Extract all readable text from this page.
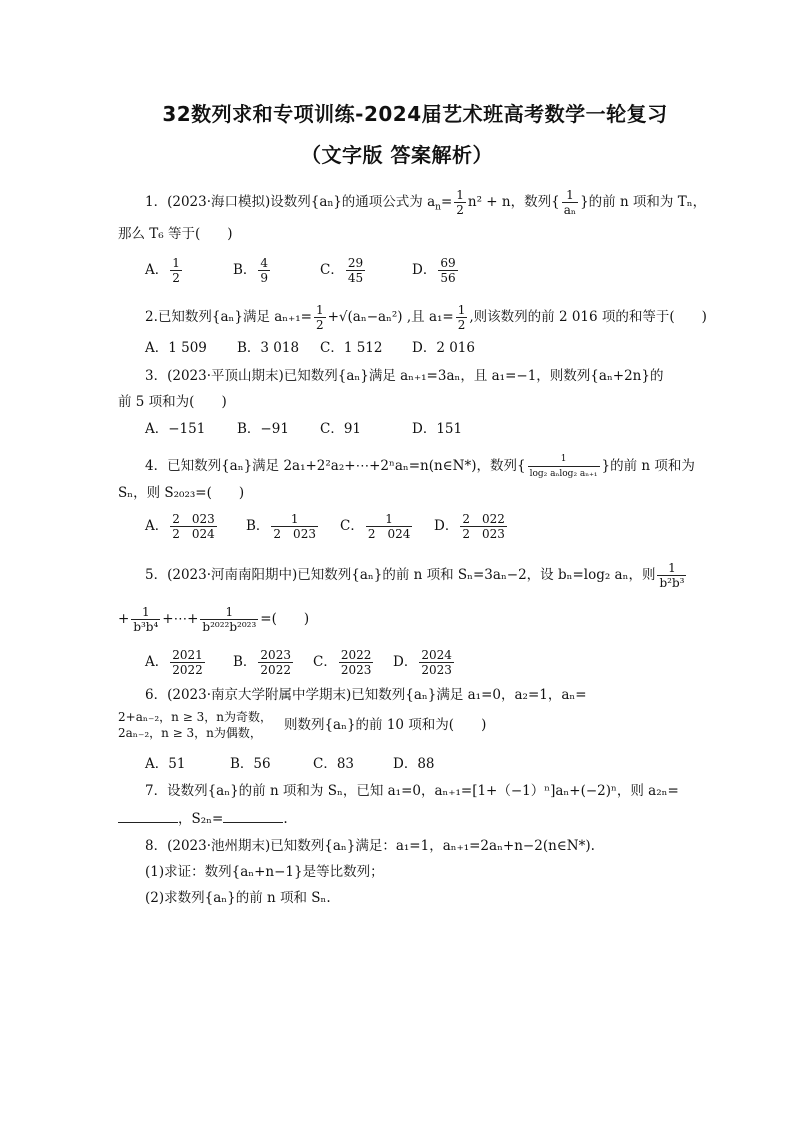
32数列求和专项训练-2024届艺术班高考数学一轮复习
（文字版 答案解析）
1．(2023·海口模拟)设数列{an}的通项公式为 $a_n= \frac{1}{2} n^2 + n$，数列{ $\frac{1}{\text{aₙ}}$ }的前 n 项和为 Tₙ，
那么 T₆ 等于(　　)
A． $\frac{1}{2}$	B． $\frac{4}{9}$	C． $\frac{29}{45}$	D． $\frac{69}{56}$
2.已知数列{aₙ}满足 $a_{n+1}= \frac{1}{2} +√(a_n-a_n^2)$ ,且 $a_1= \frac{1}{2}$ ,则该数列的前 2 016 项的和等于(　　)
A．1 509 B．3 018 C．1 512 D．2 016
3．(2023·平顶山期末)已知数列{aₙ}满足 aₙ₊₁=3aₙ，且 a₁=−1，则数列{aₙ+2n}的
前 5 项和为(　　)
A．−151 B．−91 C．91	D．151
4．已知数列{aₙ}满足 2a₁+2²a₂+⋯+2ⁿaₙ=n(n∈N*)，数列{ $\frac{1}{\text{log₂ aₙlog₂ aₙ₊₁}}$ }的前 n 项和为
Sₙ，则 S₂₀₂₃=(　　)
A． $\frac{2 023}{2 024}$ B． $\frac{1}{2 023}$ C． $\frac{1}{2 024}$ D． $\frac{2 022}{2 023}$
5．(2023·河南南阳期中)已知数列{aₙ}的前 n 项和 Sₙ=3aₙ−2，设 bₙ=log₂ aₙ，则 $\frac{1}{\text{b²b³}}$
+ $\frac{1}{\text{b³b⁴}}$ +⋯+ $\frac{1}{\text{b²⁰²²b²⁰²³}}$ =(　　)
A． $\frac{2021}{2022}$ B． $\frac{2023}{2022}$ C． $\frac{2022}{2023}$ D． $\frac{2024}{2023}$
6．(2023·南京大学附属中学期末)已知数列{aₙ}满足 a₁=0，a₂=1，aₙ=
2+aₙ₋₂，n ≥ 3，n为奇数，
2aₙ₋₂，n ≥ 3，n为偶数，	则数列{aₙ}的前 10 项和为(　　)
A．51	B．56	C．83	D．88
7．设数列{aₙ}的前 n 项和为 Sₙ，已知 a₁=0，aₙ₊₁=[1+（−1）ⁿ]aₙ+(−2)ⁿ，则 a₂ₙ=
，S₂ₙ=	.
8．(2023·池州期末)已知数列{aₙ}满足：a₁=1，aₙ₊₁=2aₙ+n−2(n∈N*).
(1)求证：数列{aₙ+n−1}是等比数列；
(2)求数列{aₙ}的前 n 项和 Sₙ.
